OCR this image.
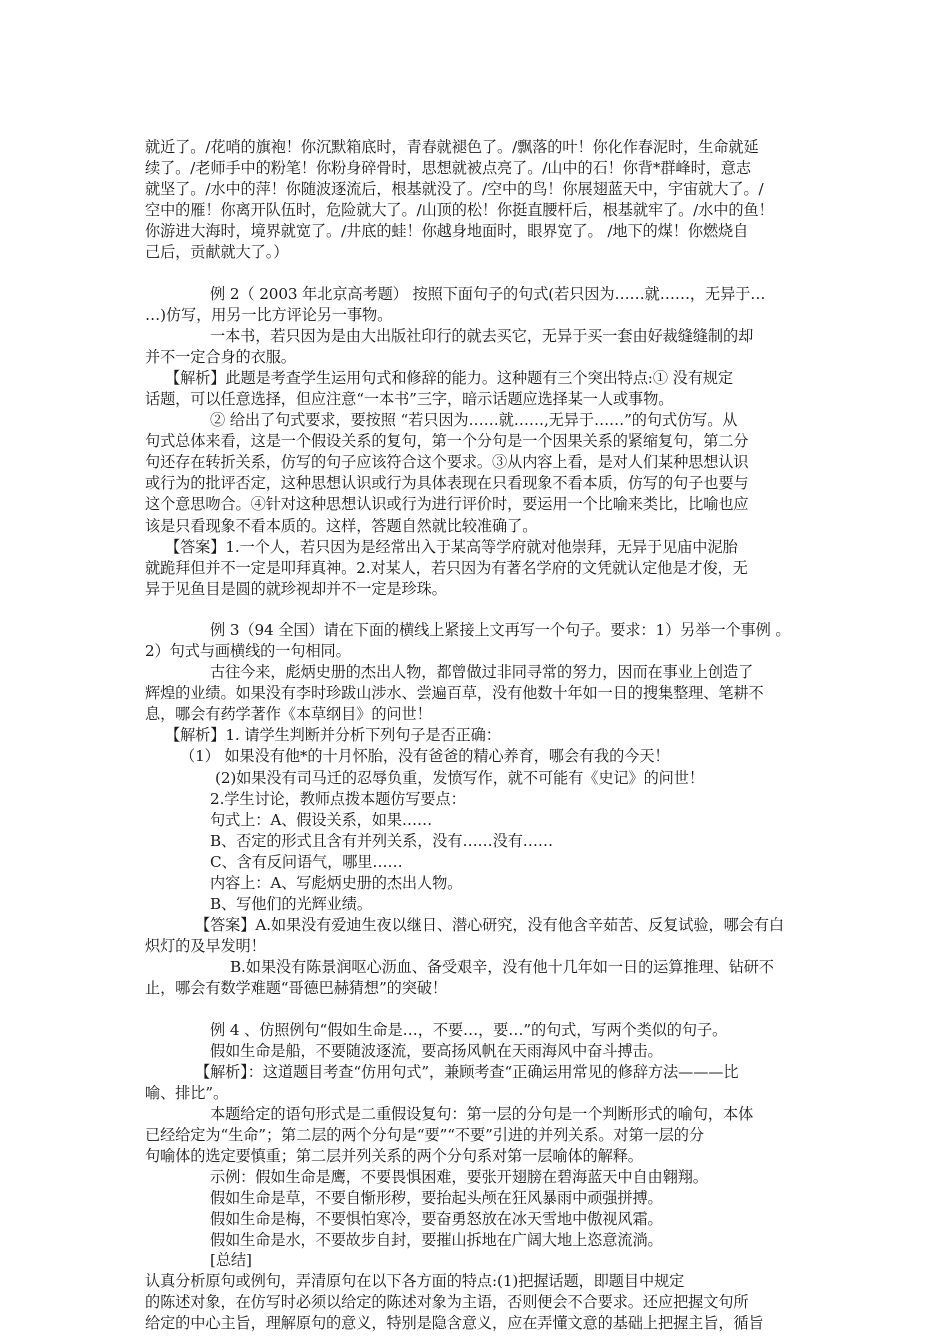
就近了。/花哨的旗袍！你沉默箱底时，青春就褪色了。/飘落的叶！你化作春泥时，生命就延
续了。/老师手中的粉笔！你粉身碎骨时，思想就被点亮了。/山中的石！你背*群峰时，意志
就坚了。/水中的萍！你随波逐流后，根基就没了。/空中的鸟！你展翅蓝天中，宇宙就大了。/
空中的雁！你离开队伍时，危险就大了。/山顶的松！你挺直腰杆后，根基就牢了。/水中的鱼！
你游进大海时，境界就宽了。/井底的蛙！你越身地面时，眼界宽了。 /地下的煤！你燃烧自
己后，贡献就大了。）
例 2（ 2003 年北京高考题） 按照下面句子的句式(若只因为……就……，无异于…
…)仿写，用另一比方评论另一事物。
一本书，若只因为是由大出版社印行的就去买它，无异于买一套由好裁缝缝制的却
并不一定合身的衣服。
【解析】此题是考查学生运用句式和修辞的能力。这种题有三个突出特点:① 没有规定
话题，可以任意选择，但应注意“一本书”三字，暗示话题应选择某一人或事物。
② 给出了句式要求，要按照 “若只因为……就……,无异于……”的句式仿写。从
句式总体来看，这是一个假设关系的复句，第一个分句是一个因果关系的紧缩复句，第二分
句还存在转折关系，仿写的句子应该符合这个要求。③从内容上看，是对人们某种思想认识
或行为的批评否定，这种思想认识或行为具体表现在只看现象不看本质，仿写的句子也要与
这个意思吻合。④针对这种思想认识或行为进行评价时，要运用一个比喻来类比，比喻也应
该是只看现象不看本质的。这样，答题自然就比较准确了。
【答案】1.一个人，若只因为是经常出入于某高等学府就对他崇拜，无异于见庙中泥胎
就跪拜但并不一定是叩拜真神。2.对某人，若只因为有著名学府的文凭就认定他是才俊，无
异于见鱼目是圆的就珍视却并不一定是珍珠。
例 3（94 全国）请在下面的横线上紧接上文再写一个句子。要求：1）另举一个事例 。
2）句式与画横线的一句相同。
古往今来，彪炳史册的杰出人物，都曾做过非同寻常的努力，因而在事业上创造了
辉煌的业绩。如果没有李时珍跋山涉水、尝遍百草，没有他数十年如一日的搜集整理、笔耕不
息，哪会有药学著作《本草纲目》的问世！
【解析】1. 请学生判断并分析下列句子是否正确：
（1） 如果没有他*的十月怀胎，没有爸爸的精心养育，哪会有我的今天！
(2)如果没有司马迁的忍辱负重，发愤写作，就不可能有《史记》的问世！
2.学生讨论，教师点拨本题仿写要点：
句式上：A、假设关系，如果……
B、否定的形式且含有并列关系，没有……没有……
C、含有反问语气，哪里……
内容上：A、写彪炳史册的杰出人物。
B、写他们的光辉业绩。
【答案】A.如果没有爱迪生夜以继日、潜心研究，没有他含辛茹苦、反复试验，哪会有白
炽灯的及早发明！
B.如果没有陈景润呕心沥血、备受艰辛，没有他十几年如一日的运算推理、钻研不
止，哪会有数学难题“哥德巴赫猜想”的突破！
例 4 、仿照例句“假如生命是…，不要…，要…”的句式，写两个类似的句子。
假如生命是船，不要随波逐流，要高扬风帆在天雨海风中奋斗搏击。
【解析】：这道题目考查“仿用句式”，兼顾考查“正确运用常见的修辞方法———比
喻、排比”。
本题给定的语句形式是二重假设复句：第一层的分句是一个判断形式的喻句，本体
已经给定为“生命”；第二层的两个分句是“要”“不要”引进的并列关系。对第一层的分
句喻体的选定要慎重；第二层并列关系的两个分句系对第一层喻体的解释。
示例：假如生命是鹰，不要畏惧困难，要张开翅膀在碧海蓝天中自由翱翔。
假如生命是草，不要自惭形秽，要抬起头颅在狂风暴雨中顽强拼搏。
假如生命是梅，不要惧怕寒冷，要奋勇怒放在冰天雪地中傲视风霜。
假如生命是水，不要故步自封，要摧山拆地在广阔大地上恣意流淌。
认真分析原句或例句，弄清原句在以下各方面的特点:(1)把握话题，即题目中规定
的陈述对象，在仿写时必须以给定的陈述对象为主语，否则便会不合要求。还应把握文句所
给定的中心主旨，理解原句的意义，特别是隐含意义，应在弄懂文意的基础上把握主旨，循旨
[总结]
